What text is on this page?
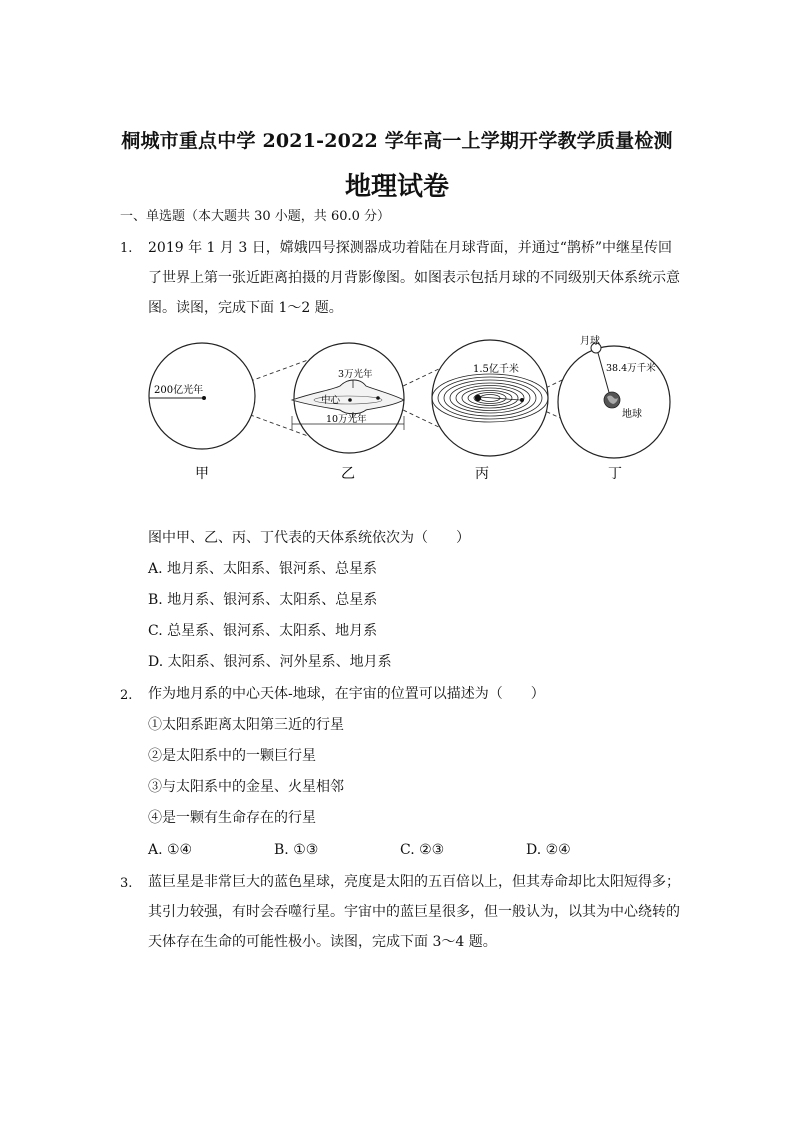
桐城市重点中学 2021-2022 学年高一上学期开学教学质量检测
地理试卷
一、单选题（本大题共 30 小题，共 60.0 分）
1. 2019 年 1 月 3 日，嫦娥四号探测器成功着陆在月球背面，并通过“鹊桥”中继星传回
了世界上第一张近距离拍摄的月背影像图。如图表示包括月球的不同级别天体系统示意
图。读图，完成下面 1～2 题。
200亿光年
3万光年
中心
10万光年
1.5亿千米
月球
38.4万千米
地球
甲	乙	丙	丁
图中甲、乙、丙、丁代表的天体系统依次为（　　）
A. 地月系、太阳系、银河系、总星系
B. 地月系、银河系、太阳系、总星系
C. 总星系、银河系、太阳系、地月系
D. 太阳系、银河系、河外星系、地月系
2. 作为地月系的中心天体-地球，在宇宙的位置可以描述为（　　）
①太阳系距离太阳第三近的行星
②是太阳系中的一颗巨行星
③与太阳系中的金星、火星相邻
④是一颗有生命存在的行星
A. ①④	B. ①③	C. ②③	D. ②④
3. 蓝巨星是非常巨大的蓝色星球，亮度是太阳的五百倍以上，但其寿命却比太阳短得多；
其引力较强，有时会吞噬行星。宇宙中的蓝巨星很多，但一般认为，以其为中心绕转的
天体存在生命的可能性极小。读图，完成下面 3～4 题。
